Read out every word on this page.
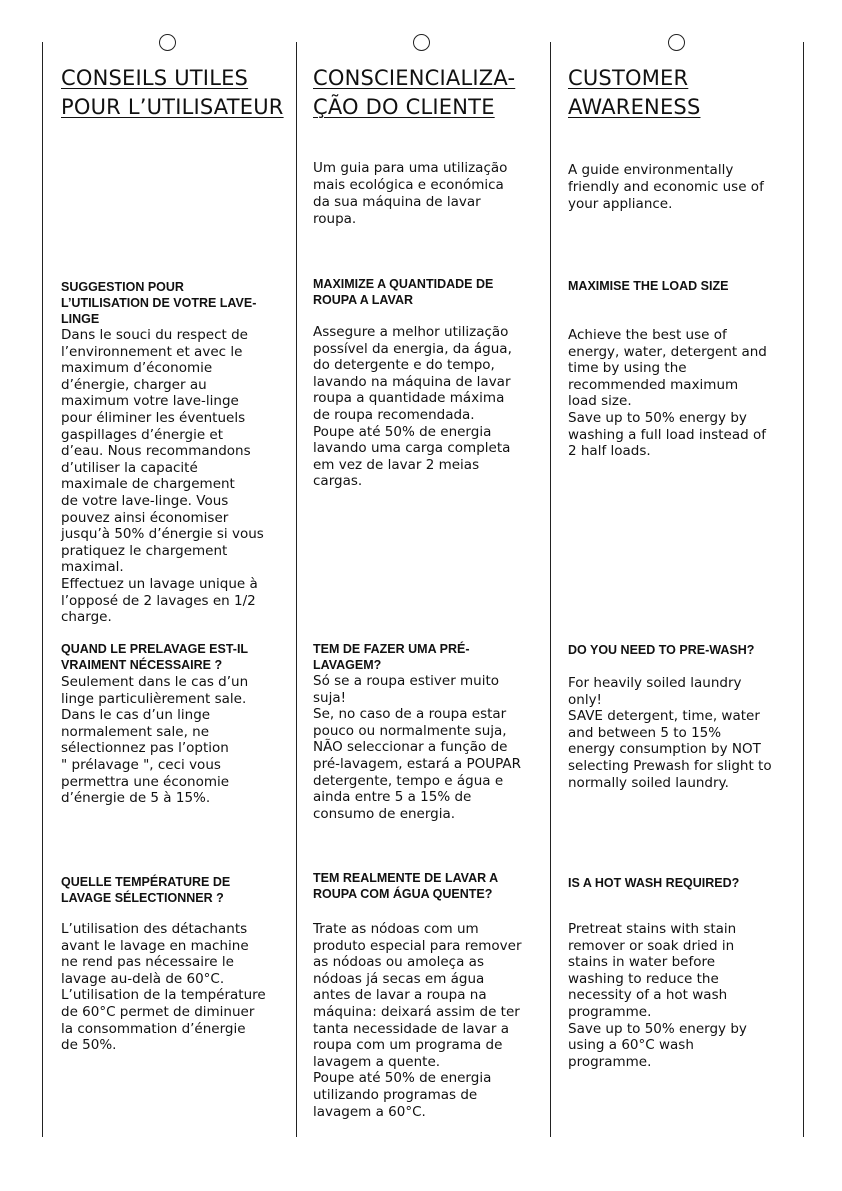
CONSEILS UTILES
POUR L’UTILISATEUR
SUGGESTION POUR
L’UTILISATION DE VOTRE LAVE-
LINGE
Dans le souci du respect de
l’environnement et avec le
maximum d’économie
d’énergie, charger au
maximum votre lave-linge
pour éliminer les éventuels
gaspillages d’énergie et
d’eau. Nous recommandons
d’utiliser la capacité
maximale de chargement
de votre lave-linge. Vous
pouvez ainsi économiser
jusqu’à 50% d’énergie si vous
pratiquez le chargement
maximal.
Effectuez un lavage unique à
l’opposé de 2 lavages en 1/2
charge.
QUAND LE PRELAVAGE EST-IL
VRAIMENT NÉCESSAIRE ?
Seulement dans le cas d’un
linge particulièrement sale.
Dans le cas d’un linge
normalement sale, ne
sélectionnez pas l’option
" prélavage ", ceci vous
permettra une économie
d’énergie de 5 à 15%.
QUELLE TEMPÉRATURE DE
LAVAGE SÉLECTIONNER ?
L’utilisation des détachants
avant le lavage en machine
ne rend pas nécessaire le
lavage au-delà de 60°C.
L’utilisation de la température
de 60°C permet de diminuer
la consommation d’énergie
de 50%.
CONSCIENCIALIZA-
ÇÃO DO CLIENTE
Um guia para uma utilização
mais ecológica e económica
da sua máquina de lavar
roupa.
MAXIMIZE A QUANTIDADE DE
ROUPA A LAVAR
Assegure a melhor utilização
possível da energia, da água,
do detergente e do tempo,
lavando na máquina de lavar
roupa a quantidade máxima
de roupa recomendada.
Poupe até 50% de energia
lavando uma carga completa
em vez de lavar 2 meias
cargas.
TEM DE FAZER UMA PRÉ-
LAVAGEM?
Só se a roupa estiver muito
suja!
Se, no caso de a roupa estar
pouco ou normalmente suja,
NÃO seleccionar a função de
pré-lavagem, estará a POUPAR
detergente, tempo e água e
ainda entre 5 a 15% de
consumo de energia.
TEM REALMENTE DE LAVAR A
ROUPA COM ÁGUA QUENTE?
Trate as nódoas com um
produto especial para remover
as nódoas ou amoleça as
nódoas já secas em água
antes de lavar a roupa na
máquina: deixará assim de ter
tanta necessidade de lavar a
roupa com um programa de
lavagem a quente.
Poupe até 50% de energia
utilizando programas de
lavagem a 60°C.
CUSTOMER
AWARENESS
A guide environmentally
friendly and economic use of
your appliance.
MAXIMISE THE LOAD SIZE
Achieve the best use of
energy, water, detergent and
time by using the
recommended maximum
load size.
Save up to 50% energy by
washing a full load instead of
2 half loads.
DO YOU NEED TO PRE-WASH?
For heavily soiled laundry
only!
SAVE detergent, time, water
and between 5 to 15%
energy consumption by NOT
selecting Prewash for slight to
normally soiled laundry.
IS A HOT WASH REQUIRED?
Pretreat stains with stain
remover or soak dried in
stains in water before
washing to reduce the
necessity of a hot wash
programme.
Save up to 50% energy by
using a 60°C wash
programme.
